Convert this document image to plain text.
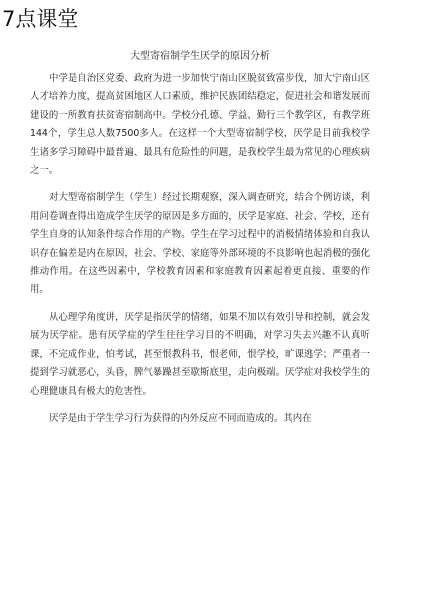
7点课堂
大型寄宿制学生厌学的原因分析

中学是自治区党委、政府为进一步加快宁南山区脱贫致富步伐，加大宁南山区人才培养力度，提高贫困地区人口素质，维护民族团结稳定，促进社会和谐发展而建设的一所教育扶贫寄宿制高中。学校分孔德、学益、勤行三个教学区，有教学班144个，学生总人数7500多人。在这样一个大型寄宿制学校，厌学是目前我校学生诸多学习障碍中最普遍、最具有危险性的问题，是我校学生最为常见的心理疾病之一。

对大型寄宿制学生（学生）经过长期观察，深入调查研究，结合个例访谈，利用问卷调查得出造成学生厌学的原因是多方面的，厌学是家庭、社会、学校，还有学生自身的认知条件综合作用的产物。学生在学习过程中的消极情绪体验和自我认识存在偏差是内在原因，社会、学校、家庭等外部环境的不良影响也起消极的强化推动作用。在这些因素中，学校教育因素和家庭教育因素起着更直接、重要的作用。

从心理学角度讲，厌学是指厌学的情绪，如果不加以有效引导和控制，就会发展为厌学症。患有厌学症的学生往往学习目的不明确，对学习失去兴趣不认真听课，不完成作业，怕考试，甚至恨教科书，恨老师，恨学校，旷课逃学；严重者一提到学习就恶心，头昏，脾气暴躁甚至歇斯底里，走向极端。厌学症对我校学生的心理健康具有极大的危害性。

厌学是由于学生学习行为获得的内外反应不同而造成的。其内在
